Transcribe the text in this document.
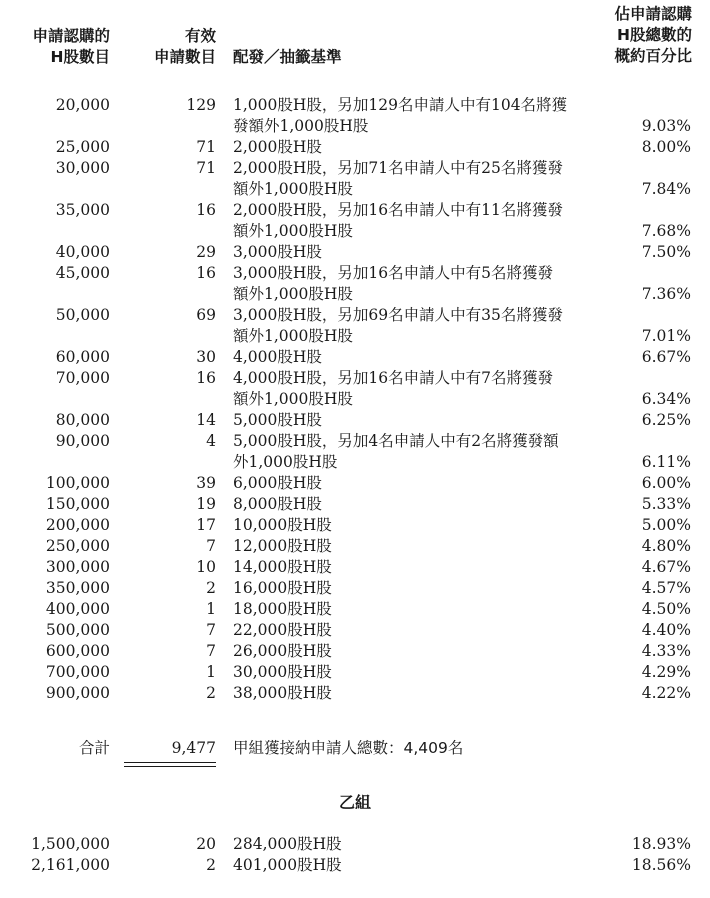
申請認購的
H股數目
有效
申請數目 配發／抽籤基準
佔申請認購
H股總數的
概約百分比
20,000	129 1,000股H股，另加129名申請人中有104名將獲
發額外1,000股H股	9.03%
25,000	71 2,000股H股	8.00%
30,000	71 2,000股H股，另加71名申請人中有25名將獲發
額外1,000股H股	7.84%
35,000	16 2,000股H股，另加16名申請人中有11名將獲發
額外1,000股H股	7.68%
40,000	29 3,000股H股	7.50%
45,000	16 3,000股H股，另加16名申請人中有5名將獲發
額外1,000股H股	7.36%
50,000	69 3,000股H股，另加69名申請人中有35名將獲發
額外1,000股H股	7.01%
60,000	30 4,000股H股	6.67%
70,000	16 4,000股H股，另加16名申請人中有7名將獲發
額外1,000股H股	6.34%
80,000	14 5,000股H股	6.25%
90,000	4 5,000股H股，另加4名申請人中有2名將獲發額
外1,000股H股	6.11%
100,000	39 6,000股H股	6.00%
150,000	19 8,000股H股	5.33%
200,000	17 10,000股H股	5.00%
250,000	7 12,000股H股	4.80%
300,000	10 14,000股H股	4.67%
350,000	2 16,000股H股	4.57%
400,000	1 18,000股H股	4.50%
500,000	7 22,000股H股	4.40%
600,000	7 26,000股H股	4.33%
700,000	1 30,000股H股	4.29%
900,000	2 38,000股H股	4.22%
合計	9,477 甲組獲接納申請人總數：4,409名
乙組
1,500,000	20 284,000股H股	18.93%
2,161,000	2 401,000股H股	18.56%
